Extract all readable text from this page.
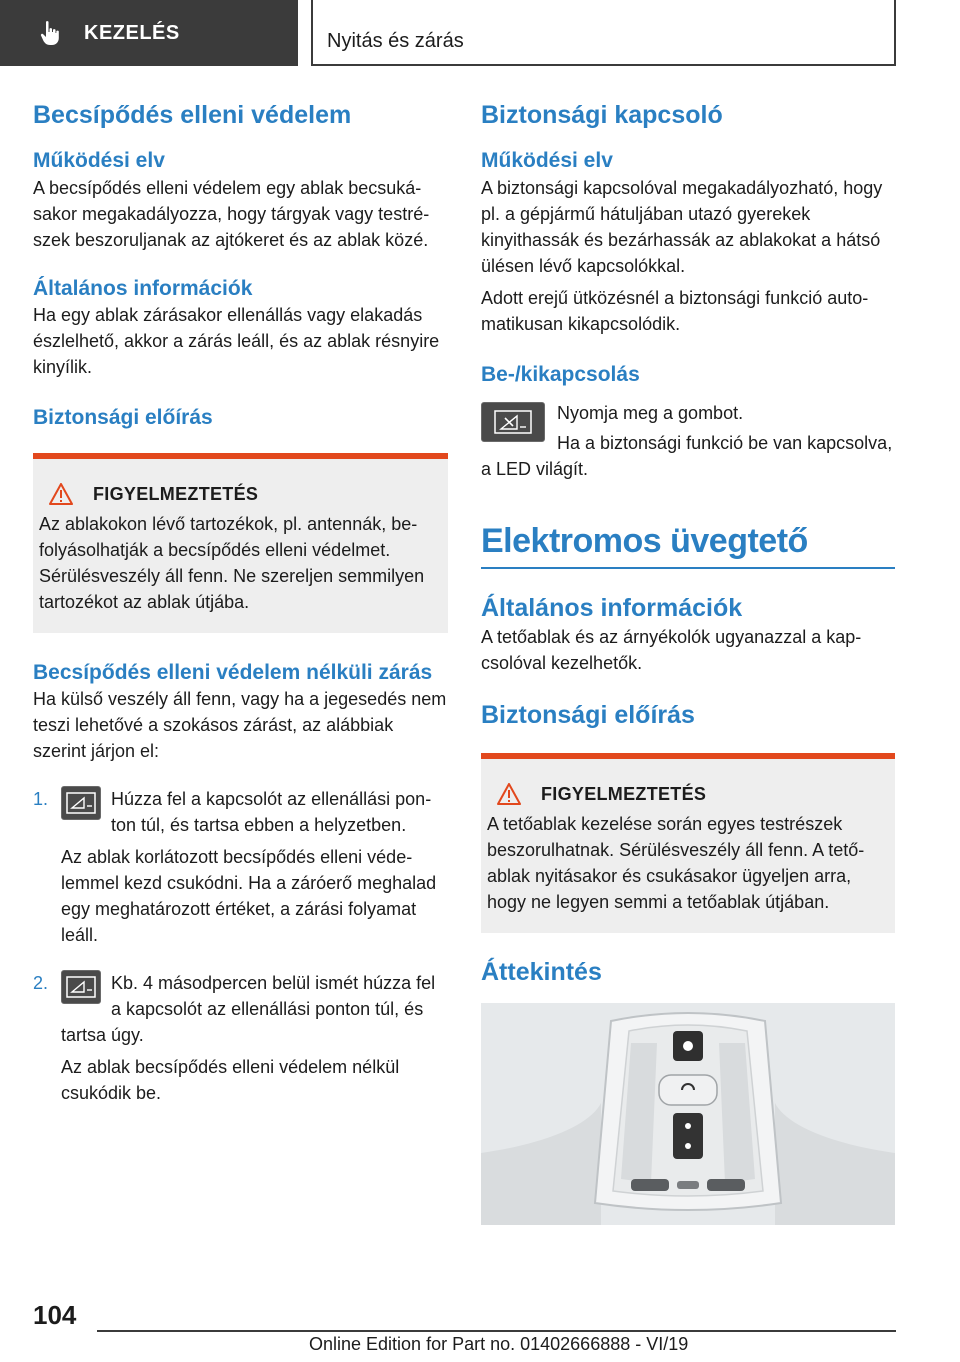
KEZELÉS	Nyitás és zárás
Becsípődés elleni védelem
Működési elv

A becsípődés elleni védelem egy ablak becsukásakor megakadályozza, hogy tárgyak vagy testrészek beszoruljanak az ajtókeret és az ablak közé.

Általános információk

Ha egy ablak zárásakor ellenállás vagy elakadás észlelhető, akkor a zárás leáll, és az ablak résnyire kinyílik.

Biztonsági előírás
FIGYELMEZTETÉS

Az ablakokon lévő tartozékok, pl. antennák, befolyásolhatják a becsípődés elleni védelmet. Sérülésveszély áll fenn. Ne szereljen semmilyen tartozékot az ablak útjába.

Becsípődés elleni védelem nélküli zárás

Ha külső veszély áll fenn, vagy ha a jegesedés nem teszi lehetővé a szokásos zárást, az alábbiak szerint járjon el:

1.	Húzza fel a kapcsolót az ellenállási ponton túl, és tartsa ebben a helyzetben.

Az ablak korlátozott becsípődés elleni védelemmel kezd csukódni. Ha a záróerő meghalad egy meghatározott értéket, a zárási folyamat leáll.

2.	Kb. 4 másodpercen belül ismét húzza fel a kapcsolót az ellenállási ponton túl, és tartsa úgy.

Az ablak becsípődés elleni védelem nélkül csukódik be.

Biztonsági kapcsoló
Működési elv

A biztonsági kapcsolóval megakadályozható, hogy pl. a gépjármű hátuljában utazó gyerekek kinyithassák és bezárhassák az ablakokat a hátsó ülésen lévő kapcsolókkal.

Adott erejű ütközésnél a biztonsági funkció automatikusan kikapcsolódik.

Be-/kikapcsolás

Nyomja meg a gombot.

Ha a biztonsági funkció be van kapcsolva, a LED világít.

Elektromos üvegtető
Általános információk

A tetőablak és az árnyékolók ugyanazzal a kapcsolóval kezelhetők.

Biztonsági előírás
FIGYELMEZTETÉS

A tetőablak kezelése során egyes testrészek beszorulhatnak. Sérülésveszély áll fenn. A tetőablak nyitásakor és csukásakor ügyeljen arra, hogy ne legyen semmi a tetőablak útjában.

Áttekintés
104
Online Edition for Part no. 01402666888 - VI/19
